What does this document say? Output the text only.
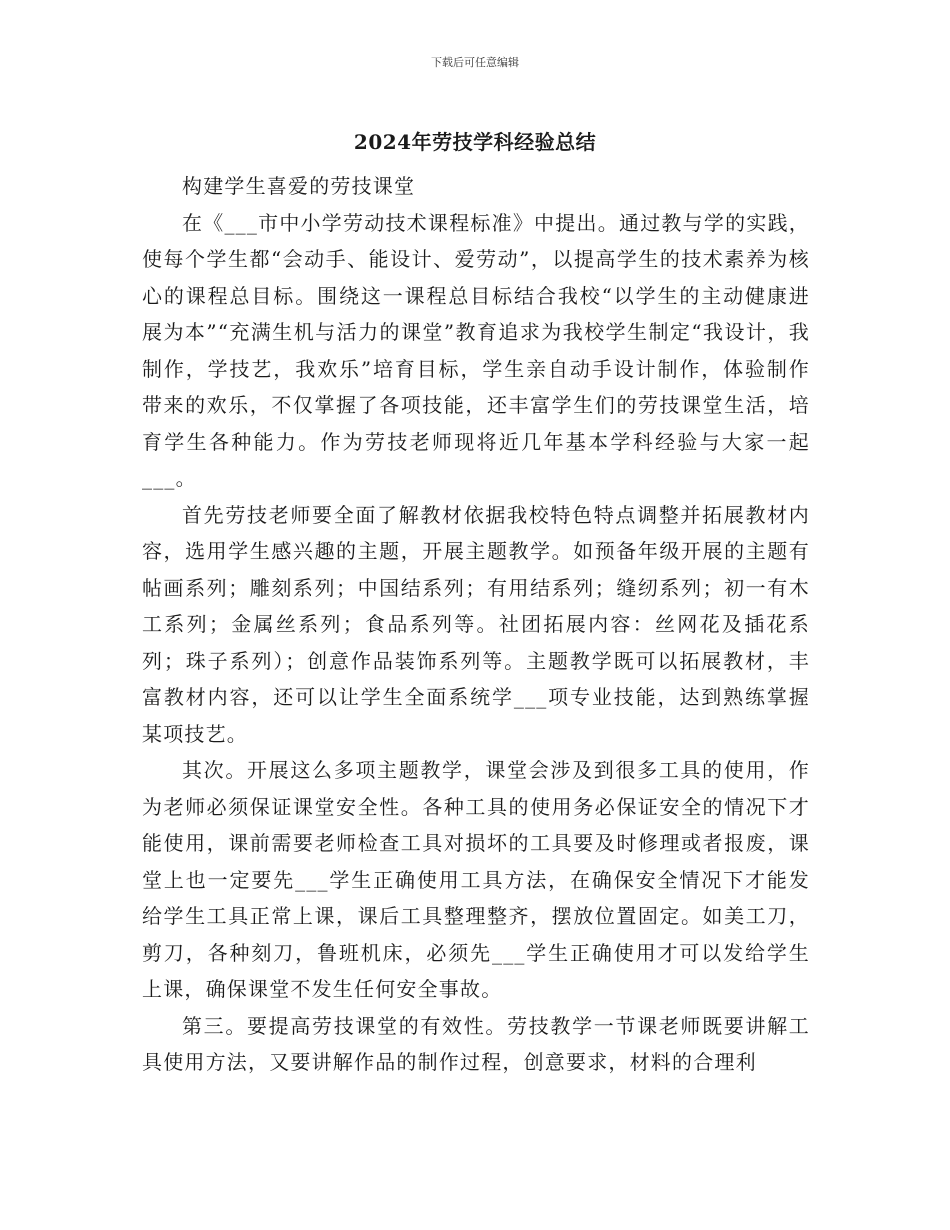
下载后可任意编辑
2024年劳技学科经验总结

构建学生喜爱的劳技课堂

在《___市中小学劳动技术课程标准》中提出。通过教与学的实践，使每个学生都“会动手、能设计、爱劳动”，以提高学生的技术素养为核心的课程总目标。围绕这一课程总目标结合我校“以学生的主动健康进展为本”“充满生机与活力的课堂”教育追求为我校学生制定“我设计，我制作，学技艺，我欢乐”培育目标，学生亲自动手设计制作，体验制作带来的欢乐，不仅掌握了各项技能，还丰富学生们的劳技课堂生活，培育学生各种能力。作为劳技老师现将近几年基本学科经验与大家一起___。

首先劳技老师要全面了解教材依据我校特色特点调整并拓展教材内容，选用学生感兴趣的主题，开展主题教学。如预备年级开展的主题有帖画系列；雕刻系列；中国结系列；有用结系列；缝纫系列；初一有木工系列；金属丝系列；食品系列等。社团拓展内容：丝网花及插花系列；珠子系列）；创意作品装饰系列等。主题教学既可以拓展教材，丰富教材内容，还可以让学生全面系统学___项专业技能，达到熟练掌握某项技艺。

其次。开展这么多项主题教学，课堂会涉及到很多工具的使用，作为老师必须保证课堂安全性。各种工具的使用务必保证安全的情况下才能使用，课前需要老师检查工具对损坏的工具要及时修理或者报废，课堂上也一定要先___学生正确使用工具方法，在确保安全情况下才能发给学生工具正常上课，课后工具整理整齐，摆放位置固定。如美工刀，剪刀，各种刻刀，鲁班机床，必须先___学生正确使用才可以发给学生上课，确保课堂不发生任何安全事故。

第三。要提高劳技课堂的有效性。劳技教学一节课老师既要讲解工具使用方法，又要讲解作品的制作过程，创意要求，材料的合理利
